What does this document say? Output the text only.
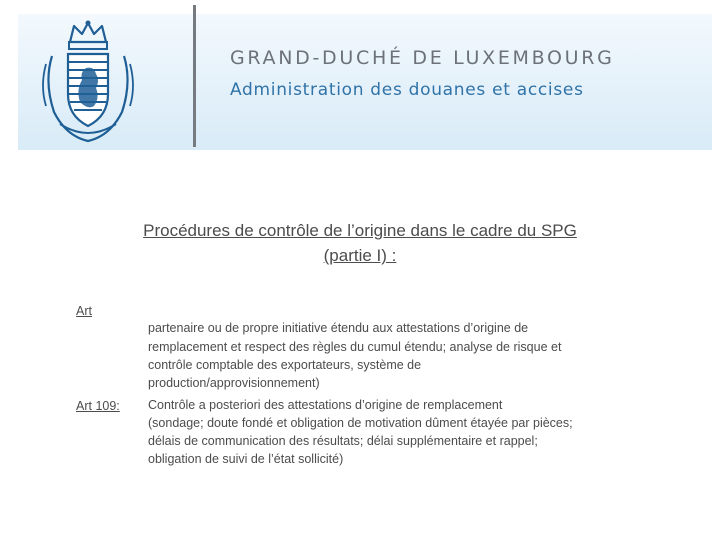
GRAND-DUCHÉ DE LUXEMBOURG
Administration des douanes et accises
Procédures de contrôle de l’origine dans le cadre du SPG
(partie I) :
Art
Art 109:
partenaire ou de propre initiative étendu aux attestations d’origine de
remplacement et respect des règles du cumul étendu; analyse de risque et
contrôle comptable des exportateurs, système de
production/approvisionnement)
Contrôle a posteriori des attestations d’origine de remplacement
(sondage; doute fondé et obligation de motivation dûment étayée par pièces;
délais de communication des résultats; délai supplémentaire et rappel;
obligation de suivi de l’état sollicité)
